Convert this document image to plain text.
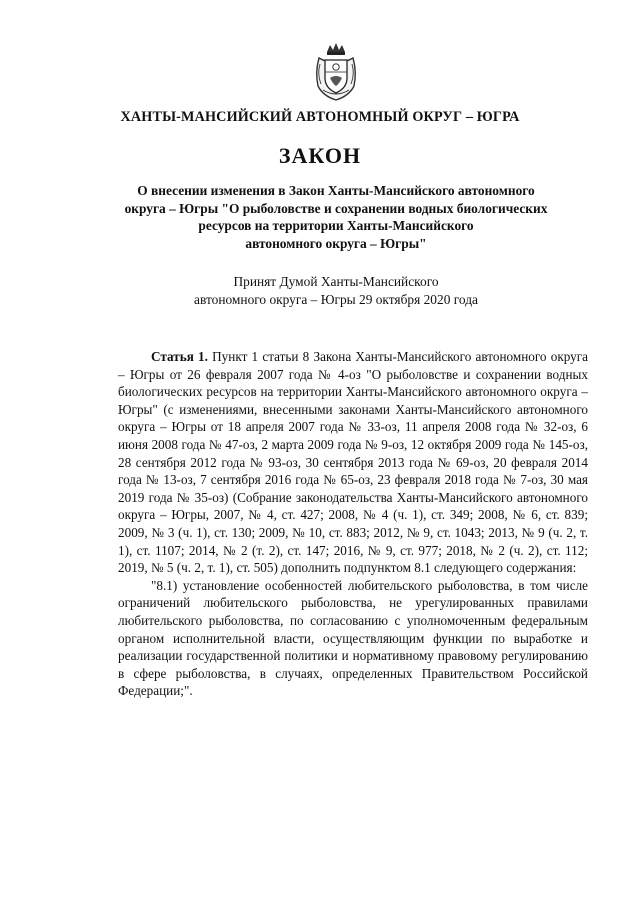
ХАНТЫ-МАНСИЙСКИЙ АВТОНОМНЫЙ ОКРУГ – ЮГРА
ЗАКОН
О внесении изменения в Закон Ханты-Мансийского автономного
округа – Югры "О рыболовстве и сохранении водных биологических
ресурсов на территории Ханты-Мансийского
автономного округа – Югры"
Принят Думой Ханты-Мансийского
автономного округа – Югры 29 октября 2020 года

Статья 1. Пункт 1 статьи 8 Закона Ханты-Мансийского автономного округа – Югры от 26 февраля 2007 года № 4-оз "О рыболовстве и сохранении водных биологических ресурсов на территории Ханты-Мансийского автономного округа – Югры" (с изменениями, внесенными законами Ханты-Мансийского автономного округа – Югры от 18 апреля 2007 года № 33-оз, 11 апреля 2008 года № 32-оз, 6 июня 2008 года № 47-оз, 2 марта 2009 года № 9-оз, 12 октября 2009 года № 145-оз, 28 сентября 2012 года № 93-оз, 30 сентября 2013 года № 69-оз, 20 февраля 2014 года № 13-оз, 7 сентября 2016 года № 65-оз, 23 февраля 2018 года № 7-оз, 30 мая 2019 года № 35-оз) (Собрание законодательства Ханты-Мансийского автономного округа – Югры, 2007, № 4, ст. 427; 2008, № 4 (ч. 1), ст. 349; 2008, № 6, ст. 839; 2009, № 3 (ч. 1), ст. 130; 2009, № 10, ст. 883; 2012, № 9, ст. 1043; 2013, № 9 (ч. 2, т. 1), ст. 1107; 2014, № 2 (т. 2), ст. 147; 2016, № 9, ст. 977; 2018, № 2 (ч. 2), ст. 112; 2019, № 5 (ч. 2, т. 1), ст. 505) дополнить подпунктом 8.1 следующего содержания:

"8.1) установление особенностей любительского рыболовства, в том числе ограничений любительского рыболовства, не урегулированных правилами любительского рыболовства, по согласованию с уполномоченным федеральным органом исполнительной власти, осуществляющим функции по выработке и реализации государственной политики и нормативному правовому регулированию в сфере рыболовства, в случаях, определенных Правительством Российской Федерации;".
